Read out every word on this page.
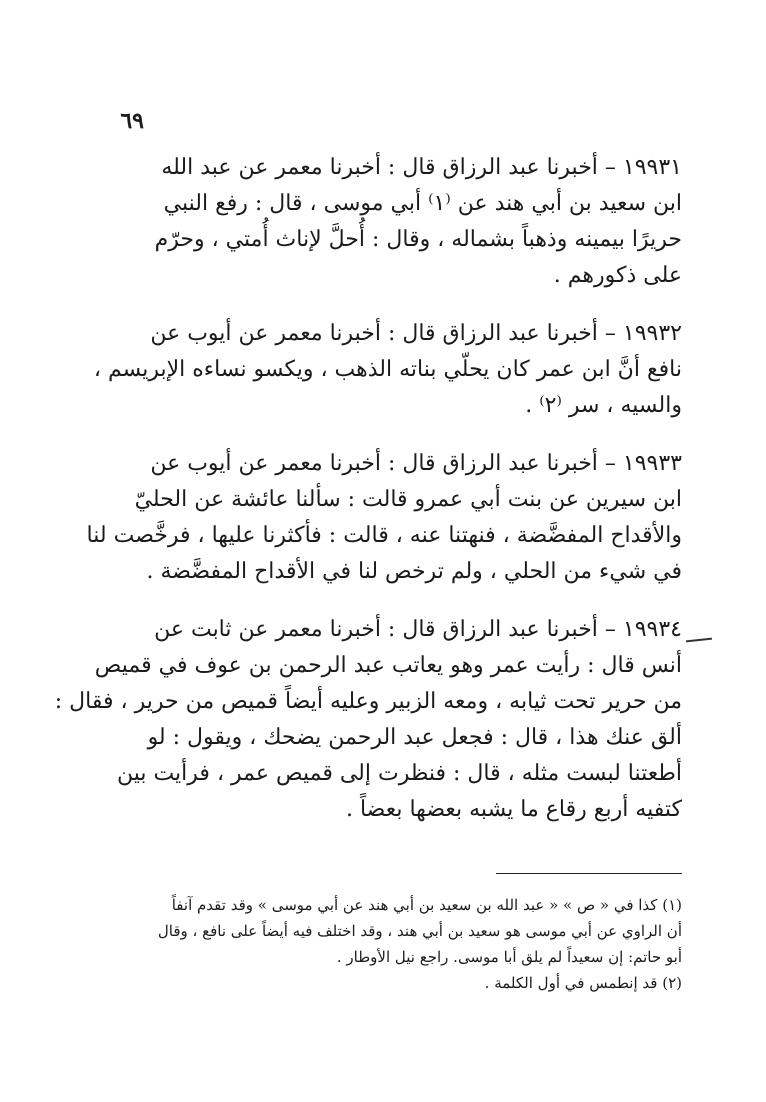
٦٩
١٩٩٣١ – أخبرنا عبد الرزاق قال : أخبرنا معمر عن عبد الله
ابن سعيد بن أبي هند عن ⁽١⁾ أبي موسى ، قال : رفع النبي
حريرًا بيمينه وذهباً بشماله ، وقال : أُحلَّ لإناث أُمتي ، وحرّم
على ذكورهم .
١٩٩٣٢ – أخبرنا عبد الرزاق قال : أخبرنا معمر عن أيوب عن
نافع أنَّ ابن عمر كان يحلّي بناته الذهب ، ويكسو نساءه الإبريسم ،
والسيه ، سر ⁽٢⁾ .
١٩٩٣٣ – أخبرنا عبد الرزاق قال : أخبرنا معمر عن أيوب عن
ابن سيرين عن بنت أبي عمرو قالت : سألنا عائشة عن الحليّ
والأقداح المفضَّضة ، فنهتنا عنه ، قالت : فأكثرنا عليها ، فرخَّصت لنا
في شيء من الحلي ، ولم ترخص لنا في الأقداح المفضَّضة .
١٩٩٣٤ – أخبرنا عبد الرزاق قال : أخبرنا معمر عن ثابت عن
أنس قال : رأيت عمر وهو يعاتب عبد الرحمن بن عوف في قميص
من حرير تحت ثيابه ، ومعه الزبير وعليه أيضاً قميص من حرير ، فقال :
ألق عنك هذا ، قال : فجعل عبد الرحمن يضحك ، ويقول : لو
أطعتنا لبست مثله ، قال : فنظرت إلى قميص عمر ، فرأيت بين
كتفيه أربع رقاع ما يشبه بعضها بعضاً .
(١) كذا في « ص » « عبد الله بن سعيد بن أبي هند عن أبي موسى » وقد تقدم آنفاً
أن الراوي عن أبي موسى هو سعيد بن أبي هند ، وقد اختلف فيه أيضاً على نافع ، وقال
أبو حاتم: إن سعيداً لم يلق أبا موسى. راجع نيل الأوطار .
(٢) قد إنطمس في أول الكلمة .
